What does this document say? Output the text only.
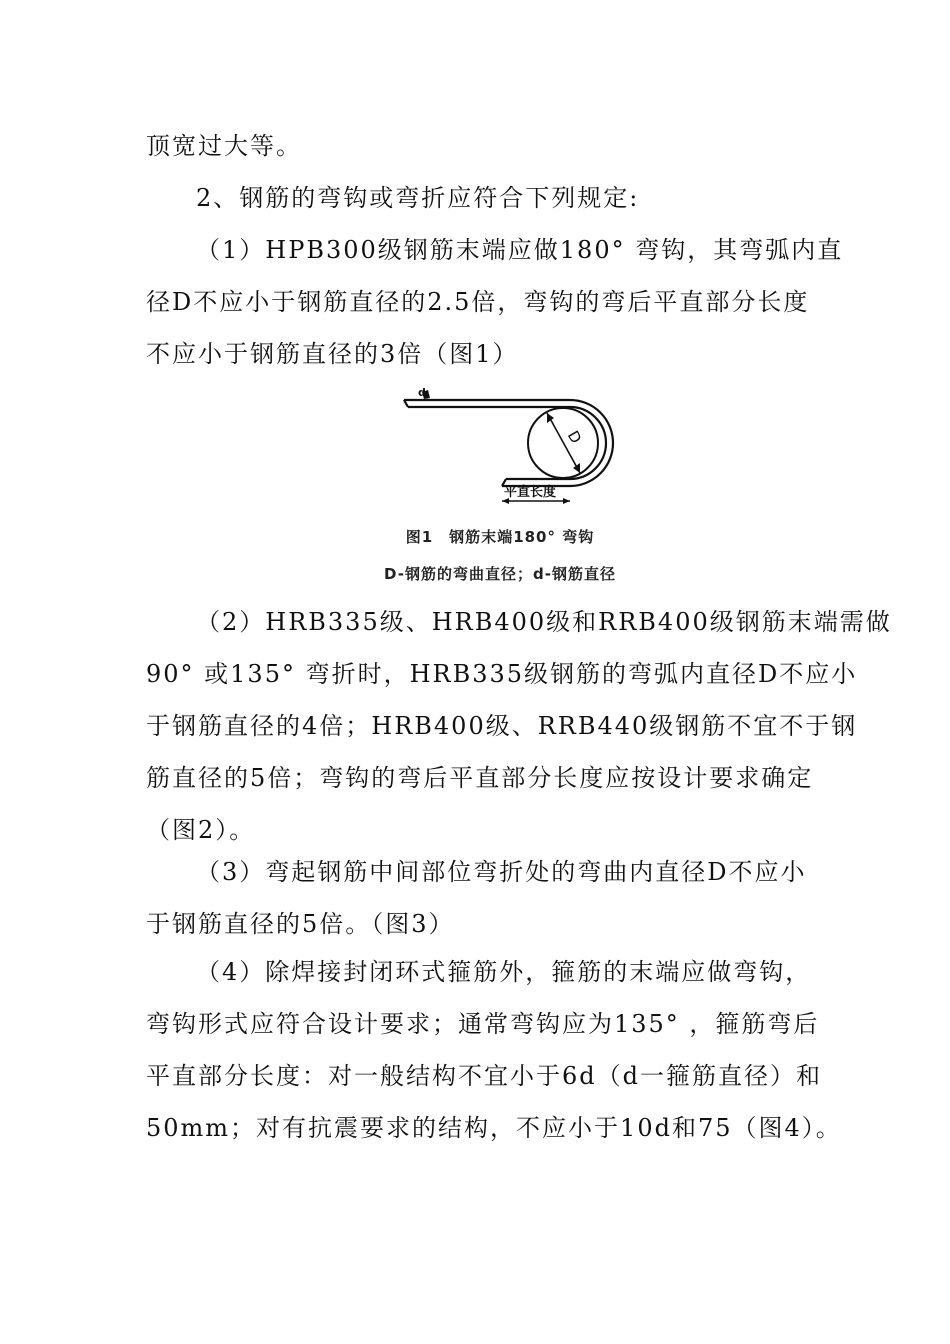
顶宽过大等。

2、钢筋的弯钩或弯折应符合下列规定:

（1）HPB300级钢筋末端应做180° 弯钩，其弯弧内直
径D不应小于钢筋直径的2.5倍，弯钩的弯后平直部分长度
不应小于钢筋直径的3倍（图1）

d
D
平直长度
图1　钢筋末端180° 弯钩
D-钢筋的弯曲直径；d-钢筋直径

（2）HRB335级、HRB400级和RRB400级钢筋末端需做
90° 或135° 弯折时，HRB335级钢筋的弯弧内直径D不应小
于钢筋直径的4倍；HRB400级、RRB440级钢筋不宜不于钢
筋直径的5倍；弯钩的弯后平直部分长度应按设计要求确定
（图2）。

（3）弯起钢筋中间部位弯折处的弯曲内直径D不应小
于钢筋直径的5倍。（图3）

（4）除焊接封闭环式箍筋外，箍筋的末端应做弯钩，
弯钩形式应符合设计要求；通常弯钩应为135° ，箍筋弯后
平直部分长度：对一般结构不宜小于6d（d一箍筋直径）和
50mm；对有抗震要求的结构，不应小于10d和75（图4）。
